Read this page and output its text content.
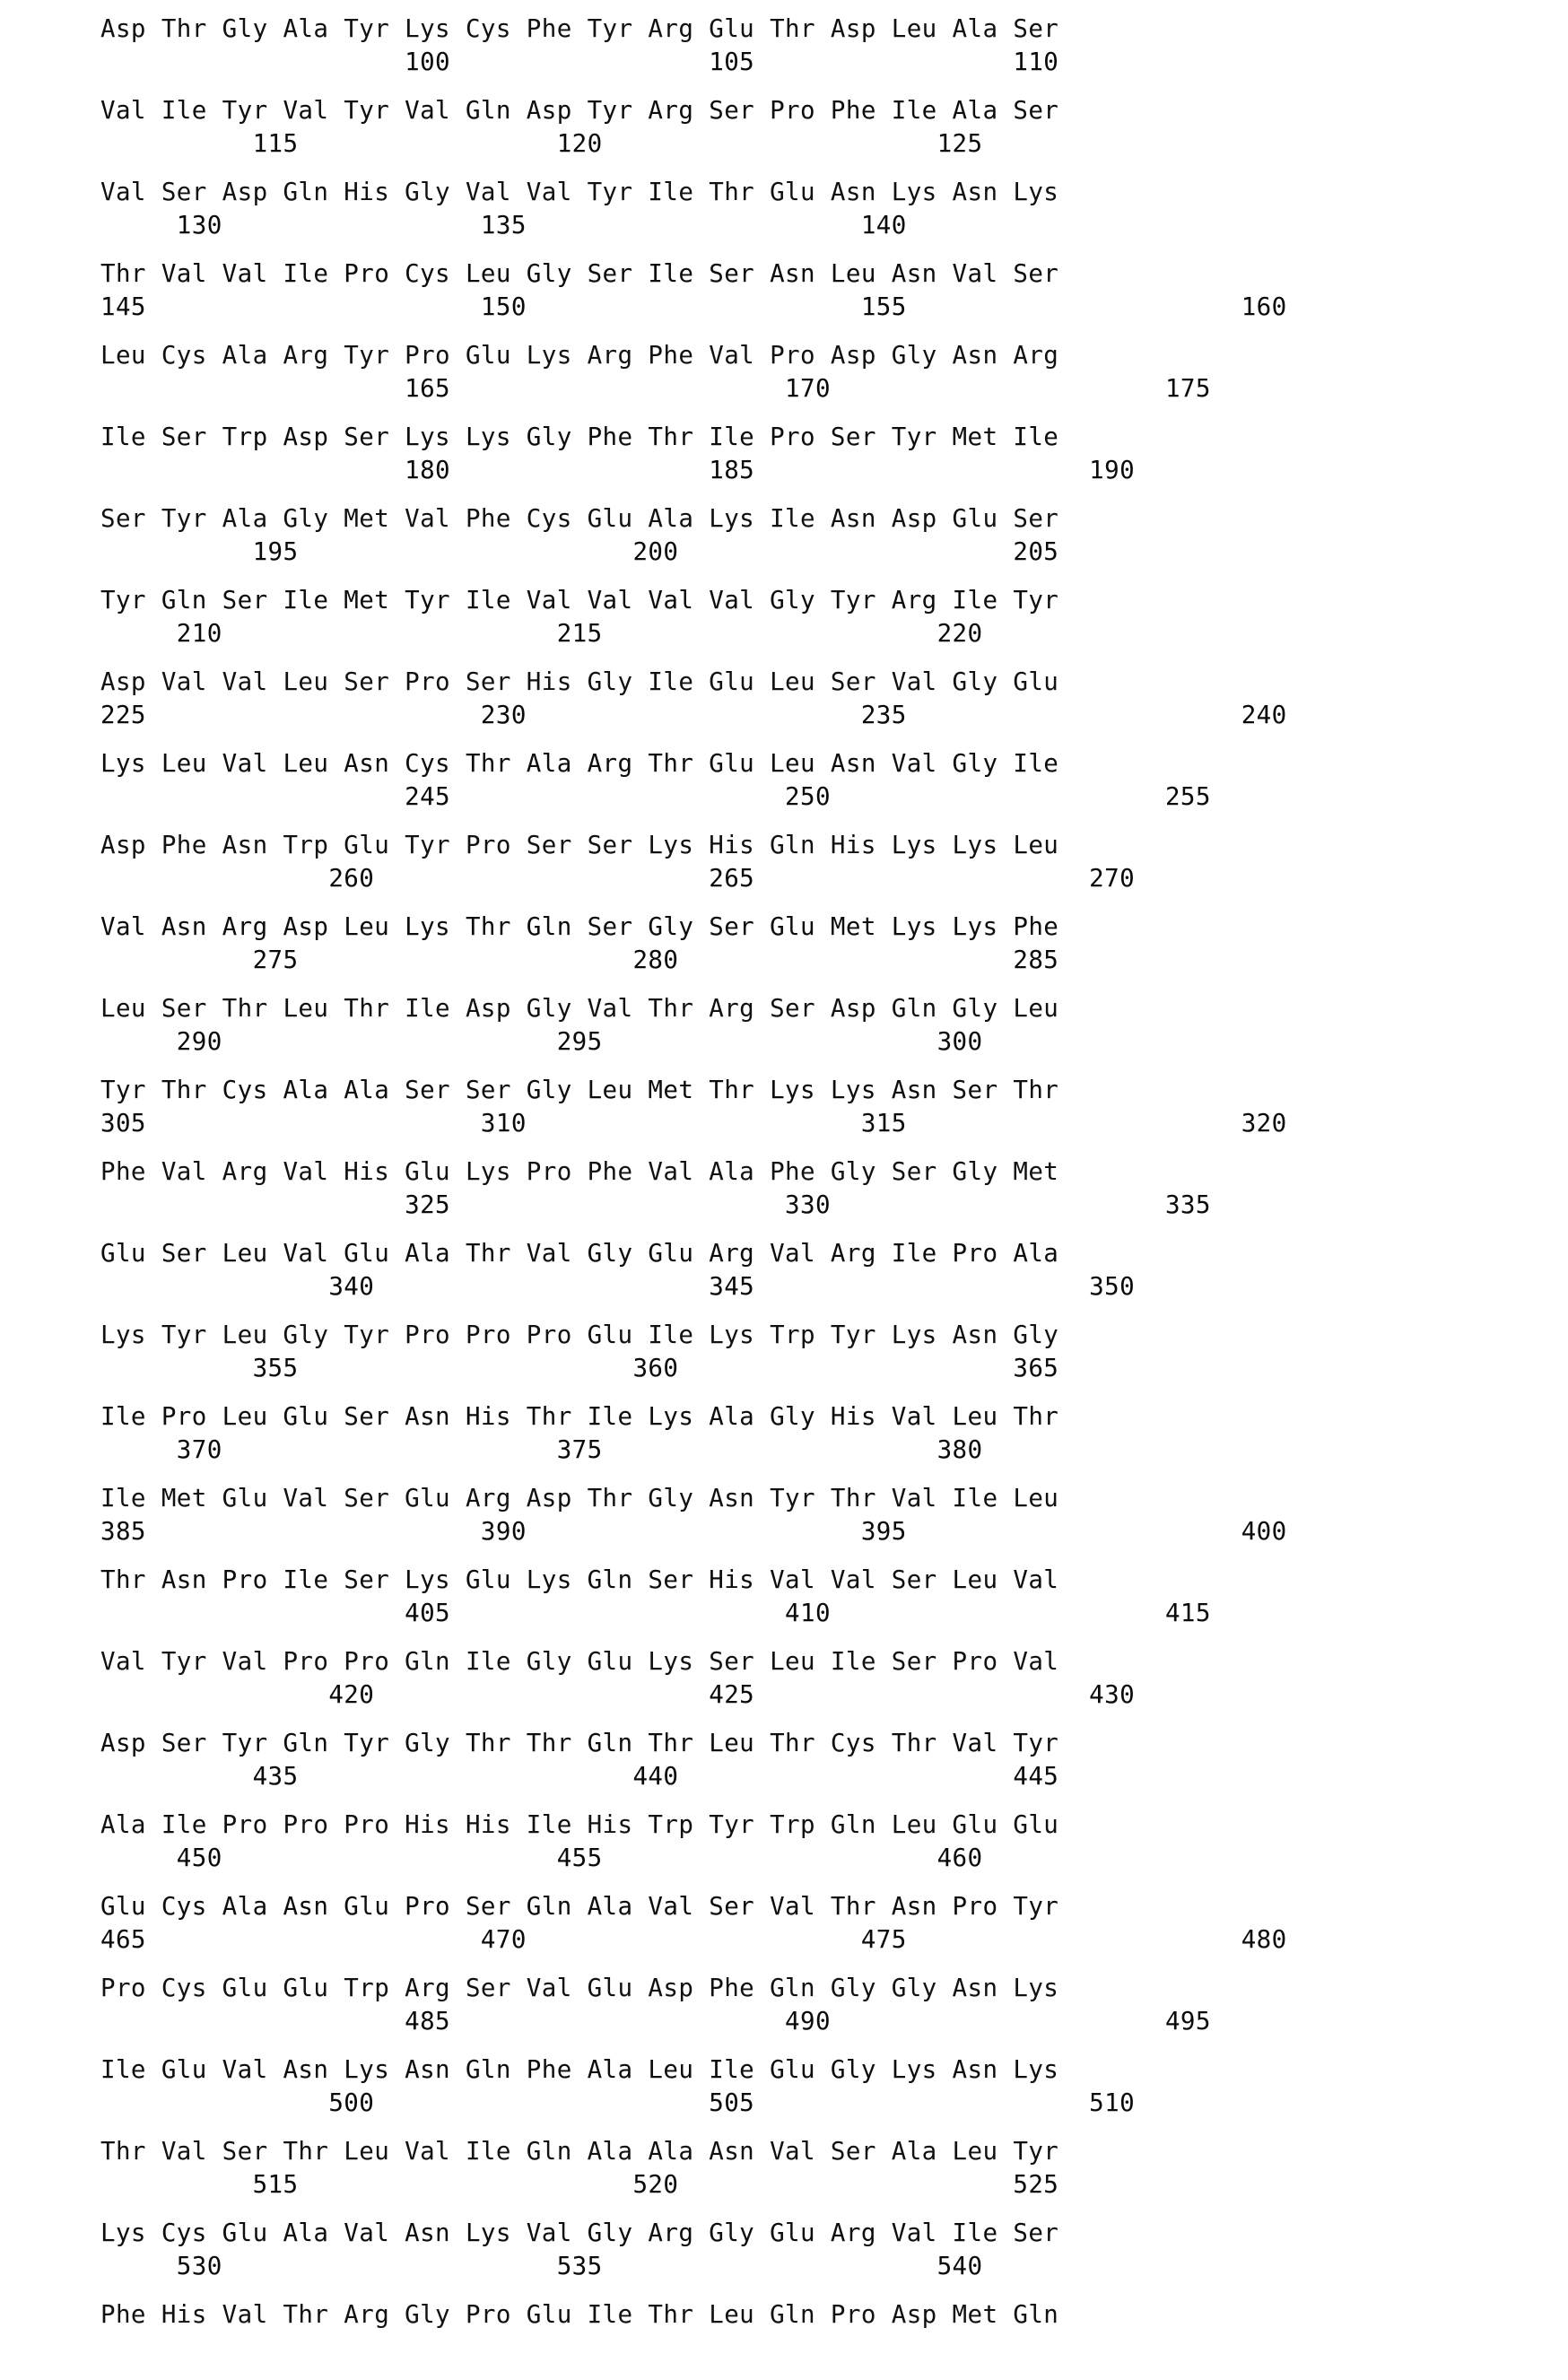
Asp Thr Gly Ala Tyr Lys Cys Phe Tyr Arg Glu Thr Asp Leu Ala Ser
100                 105                 110
Val Ile Tyr Val Tyr Val Gln Asp Tyr Arg Ser Pro Phe Ile Ala Ser
115                 120                      125
Val Ser Asp Gln His Gly Val Val Tyr Ile Thr Glu Asn Lys Asn Lys
130                 135                      140
Thr Val Val Ile Pro Cys Leu Gly Ser Ile Ser Asn Leu Asn Val Ser
145                      150                      155                      160
Leu Cys Ala Arg Tyr Pro Glu Lys Arg Phe Val Pro Asp Gly Asn Arg
165                      170                      175
Ile Ser Trp Asp Ser Lys Lys Gly Phe Thr Ile Pro Ser Tyr Met Ile
180                 185                      190
Ser Tyr Ala Gly Met Val Phe Cys Glu Ala Lys Ile Asn Asp Glu Ser
195                      200                      205
Tyr Gln Ser Ile Met Tyr Ile Val Val Val Val Gly Tyr Arg Ile Tyr
210                      215                      220
Asp Val Val Leu Ser Pro Ser His Gly Ile Glu Leu Ser Val Gly Glu
225                      230                      235                      240
Lys Leu Val Leu Asn Cys Thr Ala Arg Thr Glu Leu Asn Val Gly Ile
245                      250                      255
Asp Phe Asn Trp Glu Tyr Pro Ser Ser Lys His Gln His Lys Lys Leu
260                      265                      270
Val Asn Arg Asp Leu Lys Thr Gln Ser Gly Ser Glu Met Lys Lys Phe
275                      280                      285
Leu Ser Thr Leu Thr Ile Asp Gly Val Thr Arg Ser Asp Gln Gly Leu
290                      295                      300
Tyr Thr Cys Ala Ala Ser Ser Gly Leu Met Thr Lys Lys Asn Ser Thr
305                      310                      315                      320
Phe Val Arg Val His Glu Lys Pro Phe Val Ala Phe Gly Ser Gly Met
325                      330                      335
Glu Ser Leu Val Glu Ala Thr Val Gly Glu Arg Val Arg Ile Pro Ala
340                      345                      350
Lys Tyr Leu Gly Tyr Pro Pro Pro Glu Ile Lys Trp Tyr Lys Asn Gly
355                      360                      365
Ile Pro Leu Glu Ser Asn His Thr Ile Lys Ala Gly His Val Leu Thr
370                      375                      380
Ile Met Glu Val Ser Glu Arg Asp Thr Gly Asn Tyr Thr Val Ile Leu
385                      390                      395                      400
Thr Asn Pro Ile Ser Lys Glu Lys Gln Ser His Val Val Ser Leu Val
405                      410                      415
Val Tyr Val Pro Pro Gln Ile Gly Glu Lys Ser Leu Ile Ser Pro Val
420                      425                      430
Asp Ser Tyr Gln Tyr Gly Thr Thr Gln Thr Leu Thr Cys Thr Val Tyr
435                      440                      445
Ala Ile Pro Pro Pro His His Ile His Trp Tyr Trp Gln Leu Glu Glu
450                      455                      460
Glu Cys Ala Asn Glu Pro Ser Gln Ala Val Ser Val Thr Asn Pro Tyr
465                      470                      475                      480
Pro Cys Glu Glu Trp Arg Ser Val Glu Asp Phe Gln Gly Gly Asn Lys
485                      490                      495
Ile Glu Val Asn Lys Asn Gln Phe Ala Leu Ile Glu Gly Lys Asn Lys
500                      505                      510
Thr Val Ser Thr Leu Val Ile Gln Ala Ala Asn Val Ser Ala Leu Tyr
515                      520                      525
Lys Cys Glu Ala Val Asn Lys Val Gly Arg Gly Glu Arg Val Ile Ser
530                      535                      540
Phe His Val Thr Arg Gly Pro Glu Ile Thr Leu Gln Pro Asp Met Gln
